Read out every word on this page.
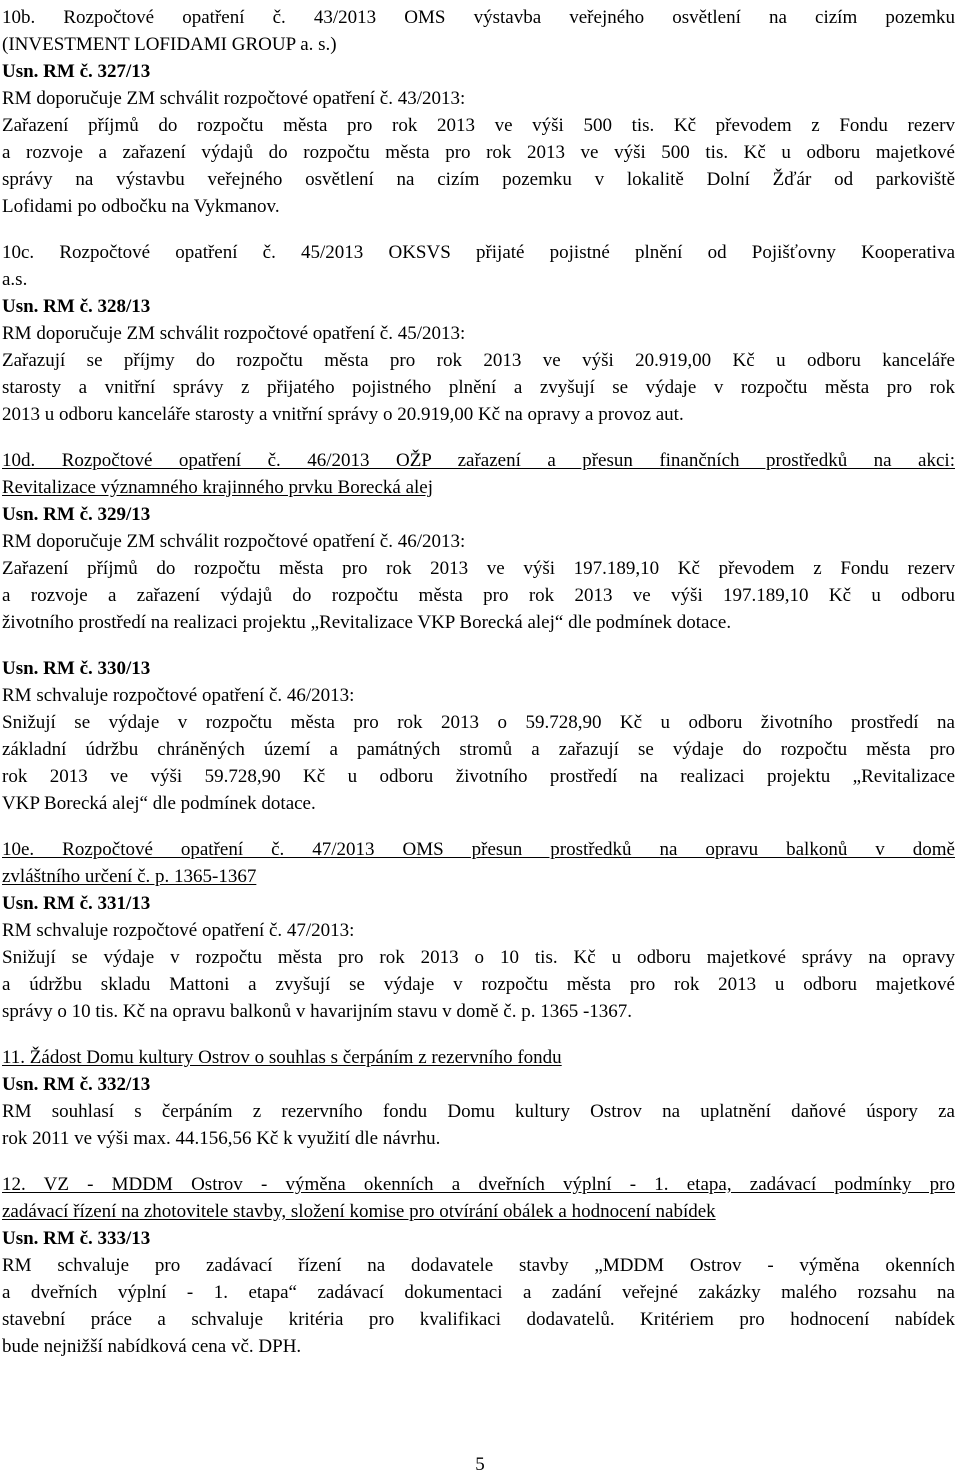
10b. Rozpočtové opatření č. 43/2013 OMS výstavba veřejného osvětlení na cizím pozemku
(INVESTMENT LOFIDAMI GROUP a. s.)
Usn. RM č. 327/13
RM doporučuje ZM schválit rozpočtové opatření č. 43/2013:
Zařazení příjmů do rozpočtu města pro rok 2013 ve výši 500 tis. Kč převodem z Fondu rezerv
a rozvoje a zařazení výdajů do rozpočtu města pro rok 2013 ve výši 500 tis. Kč u odboru majetkové
správy na výstavbu veřejného osvětlení na cizím pozemku v lokalitě Dolní Žďár od parkoviště
Lofidami po odbočku na Vykmanov.
10c. Rozpočtové opatření č. 45/2013 OKSVS přijaté pojistné plnění od Pojišťovny Kooperativa
a.s.
Usn. RM č. 328/13
RM doporučuje ZM schválit rozpočtové opatření č. 45/2013:
Zařazují se příjmy do rozpočtu města pro rok 2013 ve výši 20.919,00 Kč u odboru kanceláře
starosty a vnitřní správy z přijatého pojistného plnění a zvyšují se výdaje v rozpočtu města pro rok
2013 u odboru kanceláře starosty a vnitřní správy o 20.919,00 Kč na opravy a provoz aut.
10d. Rozpočtové opatření č. 46/2013 OŽP zařazení a přesun finančních prostředků na akci:
Revitalizace významného krajinného prvku Borecká alej
Usn. RM č. 329/13
RM doporučuje ZM schválit rozpočtové opatření č. 46/2013:
Zařazení příjmů do rozpočtu města pro rok 2013 ve výši 197.189,10 Kč převodem z Fondu rezerv
a rozvoje a zařazení výdajů do rozpočtu města pro rok 2013 ve výši 197.189,10 Kč u odboru
životního prostředí na realizaci projektu „Revitalizace VKP Borecká alej“ dle podmínek dotace.
Usn. RM č. 330/13
RM schvaluje rozpočtové opatření č. 46/2013:
Snižují se výdaje v rozpočtu města pro rok 2013 o 59.728,90 Kč u odboru životního prostředí na
základní údržbu chráněných území a památných stromů a zařazují se výdaje do rozpočtu města pro
rok 2013 ve výši 59.728,90 Kč u odboru životního prostředí na realizaci projektu „Revitalizace
VKP Borecká alej“ dle podmínek dotace.
10e. Rozpočtové opatření č. 47/2013 OMS přesun prostředků na opravu balkonů v domě
zvláštního určení č. p. 1365-1367
Usn. RM č. 331/13
RM schvaluje rozpočtové opatření č. 47/2013:
Snižují se výdaje v rozpočtu města pro rok 2013 o 10 tis. Kč u odboru majetkové správy na opravy
a údržbu skladu Mattoni a zvyšují se výdaje v rozpočtu města pro rok 2013 u odboru majetkové
správy o 10 tis. Kč na opravu balkonů v havarijním stavu v domě č. p. 1365 -1367.
11. Žádost Domu kultury Ostrov o souhlas s čerpáním z rezervního fondu
Usn. RM č. 332/13
RM souhlasí s čerpáním z rezervního fondu Domu kultury Ostrov na uplatnění daňové úspory za
rok 2011 ve výši max. 44.156,56 Kč k využití dle návrhu.
12. VZ - MDDM Ostrov - výměna okenních a dveřních výplní - 1. etapa, zadávací podmínky pro
zadávací řízení na zhotovitele stavby, složení komise pro otvírání obálek a hodnocení nabídek
Usn. RM č. 333/13
RM schvaluje pro zadávací řízení na dodavatele stavby „MDDM Ostrov - výměna okenních
a dveřních výplní - 1. etapa“ zadávací dokumentaci a zadání veřejné zakázky malého rozsahu na
stavební práce a schvaluje kritéria pro kvalifikaci dodavatelů. Kritériem pro hodnocení nabídek
bude nejnižší nabídková cena vč. DPH.
5
